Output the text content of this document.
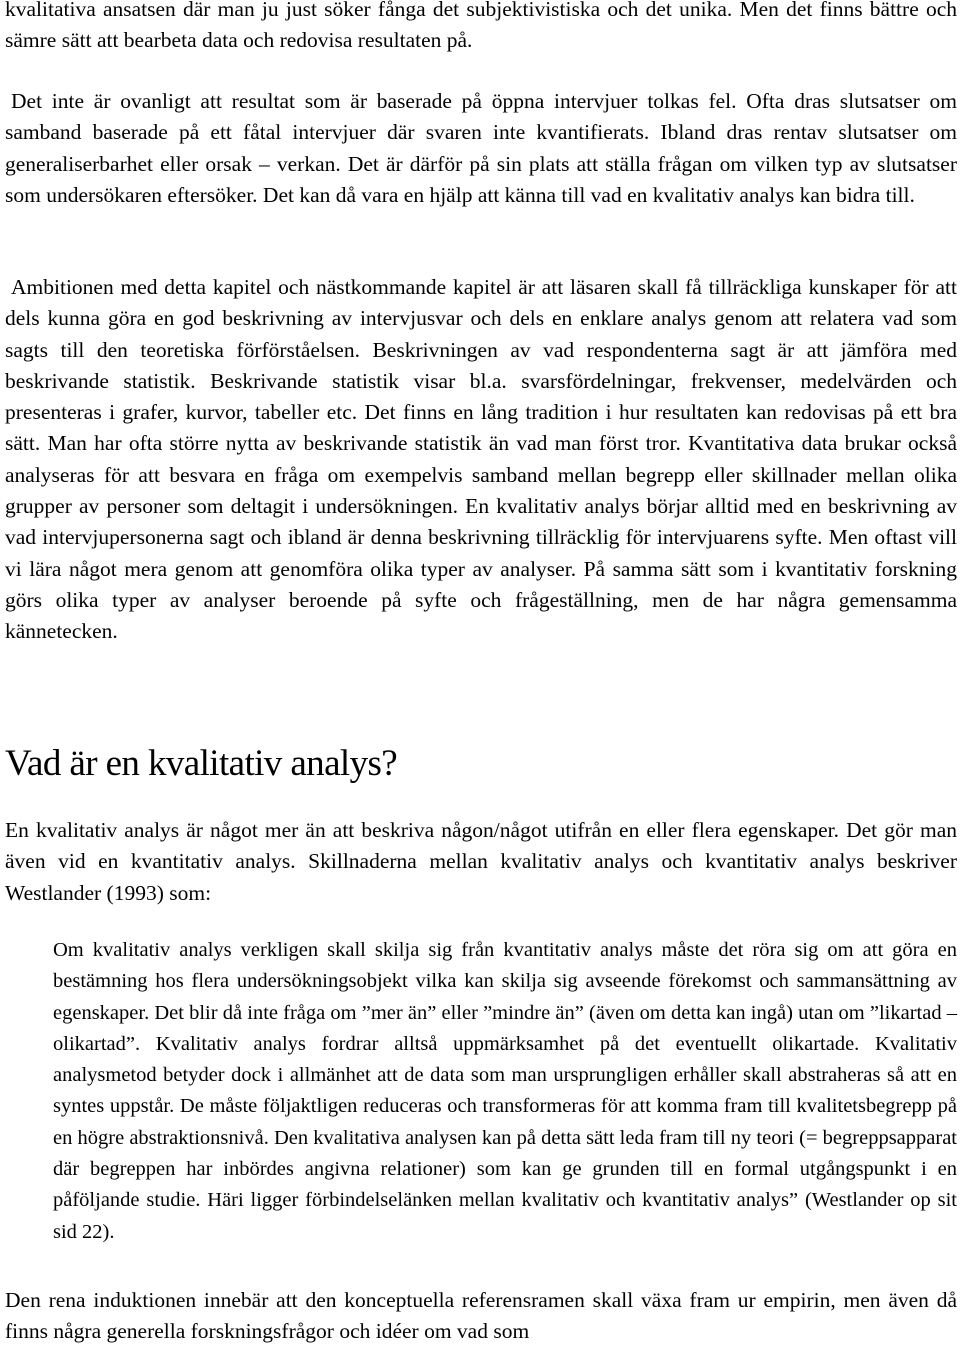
kvalitativa ansatsen där man ju just söker fånga det subjektivistiska och det unika. Men det finns bättre och sämre sätt att bearbeta data och redovisa resultaten på.

Det inte är ovanligt att resultat som är baserade på öppna intervjuer tolkas fel. Ofta dras slutsatser om samband baserade på ett fåtal intervjuer där svaren inte kvantifierats. Ibland dras rentav slutsatser om generaliserbarhet eller orsak – verkan. Det är därför på sin plats att ställa frågan om vilken typ av slutsatser som undersökaren eftersöker. Det kan då vara en hjälp att känna till vad en kvalitativ analys kan bidra till.

Ambitionen med detta kapitel och nästkommande kapitel är att läsaren skall få tillräckliga kunskaper för att dels kunna göra en god beskrivning av intervjusvar och dels en enklare analys genom att relatera vad som sagts till den teoretiska förförståelsen. Beskrivningen av vad respondenterna sagt är att jämföra med beskrivande statistik. Beskrivande statistik visar bl.a. svarsfördelningar, frekvenser, medelvärden och presenteras i grafer, kurvor, tabeller etc. Det finns en lång tradition i hur resultaten kan redovisas på ett bra sätt. Man har ofta större nytta av beskrivande statistik än vad man först tror. Kvantitativa data brukar också analyseras för att besvara en fråga om exempelvis samband mellan begrepp eller skillnader mellan olika grupper av personer som deltagit i undersökningen. En kvalitativ analys börjar alltid med en beskrivning av vad intervjupersonerna sagt och ibland är denna beskrivning tillräcklig för intervjuarens syfte. Men oftast vill vi lära något mera genom att genomföra olika typer av analyser. På samma sätt som i kvantitativ forskning görs olika typer av analyser beroende på syfte och frågeställning, men de har några gemensamma kännetecken.

Vad är en kvalitativ analys?

En kvalitativ analys är något mer än att beskriva någon/något utifrån en eller flera egenskaper. Det gör man även vid en kvantitativ analys. Skillnaderna mellan kvalitativ analys och kvantitativ analys beskriver Westlander (1993) som:

Om kvalitativ analys verkligen skall skilja sig från kvantitativ analys måste det röra sig om att göra en bestämning hos flera undersökningsobjekt vilka kan skilja sig avseende förekomst och sammansättning av egenskaper. Det blir då inte fråga om ”mer än” eller ”mindre än” (även om detta kan ingå) utan om ”likartad – olikartad”. Kvalitativ analys fordrar alltså uppmärksamhet på det eventuellt olikartade. Kvalitativ analysmetod betyder dock i allmänhet att de data som man ursprungligen erhåller skall abstraheras så att en syntes uppstår. De måste följaktligen reduceras och transformeras för att komma fram till kvalitetsbegrepp på en högre abstraktionsnivå. Den kvalitativa analysen kan på detta sätt leda fram till ny teori (= begreppsapparat där begreppen har inbördes angivna relationer) som kan ge grunden till en formal utgångspunkt i en påföljande studie. Häri ligger förbindelselänken mellan kvalitativ och kvantitativ analys” (Westlander op sit sid 22).

Den rena induktionen innebär att den konceptuella referensramen skall växa fram ur empirin, men även då finns några generella forskningsfrågor och idéer om vad som
